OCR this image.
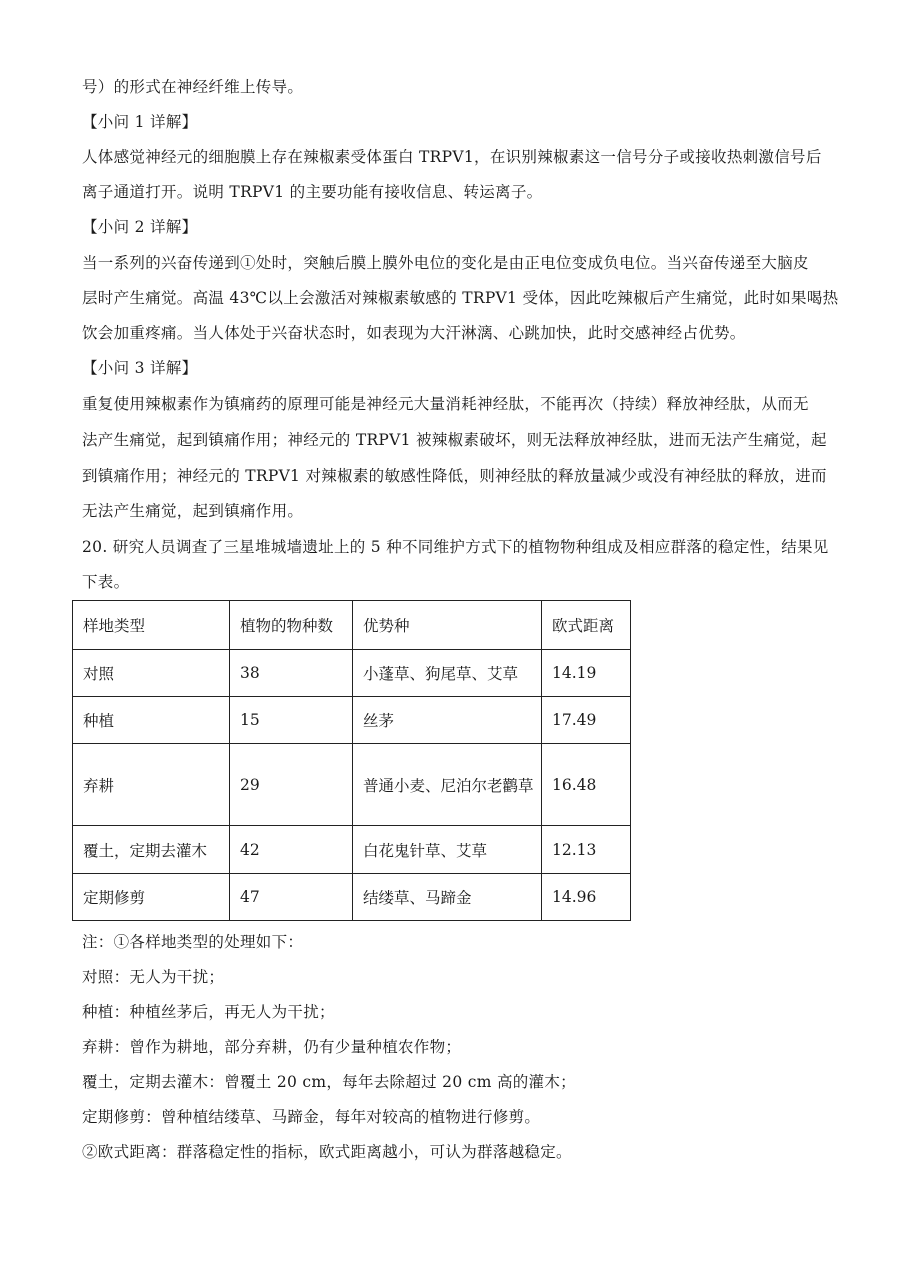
号）的形式在神经纤维上传导。
【小问 1 详解】
人体感觉神经元的细胞膜上存在辣椒素受体蛋白 TRPV1，在识别辣椒素这一信号分子或接收热刺激信号后
离子通道打开。说明 TRPV1 的主要功能有接收信息、转运离子。
【小问 2 详解】
当一系列的兴奋传递到①处时，突触后膜上膜外电位的变化是由正电位变成负电位。当兴奋传递至大脑皮
层时产生痛觉。高温 43℃以上会激活对辣椒素敏感的 TRPV1 受体，因此吃辣椒后产生痛觉，此时如果喝热
饮会加重疼痛。当人体处于兴奋状态时，如表现为大汗淋漓、心跳加快，此时交感神经占优势。
【小问 3 详解】
重复使用辣椒素作为镇痛药的原理可能是神经元大量消耗神经肽，不能再次（持续）释放神经肽，从而无
法产生痛觉，起到镇痛作用；神经元的 TRPV1 被辣椒素破坏，则无法释放神经肽，进而无法产生痛觉，起
到镇痛作用；神经元的 TRPV1 对辣椒素的敏感性降低，则神经肽的释放量减少或没有神经肽的释放，进而
无法产生痛觉，起到镇痛作用。
20. 研究人员调查了三星堆城墙遗址上的 5 种不同维护方式下的植物物种组成及相应群落的稳定性，结果见
下表。
样地类型	植物的物种数	优势种	欧式距离
对照	38	小蓬草、狗尾草、艾草	14.19
种植	15	丝茅	17.49
弃耕	29	普通小麦、尼泊尔老鹳草	16.48
覆土，定期去灌木	42	白花鬼针草、艾草	12.13
定期修剪	47	结缕草、马蹄金	14.96
注：①各样地类型的处理如下：
对照：无人为干扰；
种植：种植丝茅后，再无人为干扰；
弃耕：曾作为耕地，部分弃耕，仍有少量种植农作物；
覆土，定期去灌木：曾覆土 20 cm，每年去除超过 20 cm 高的灌木；
定期修剪：曾种植结缕草、马蹄金，每年对较高的植物进行修剪。
②欧式距离：群落稳定性的指标，欧式距离越小，可认为群落越稳定。
